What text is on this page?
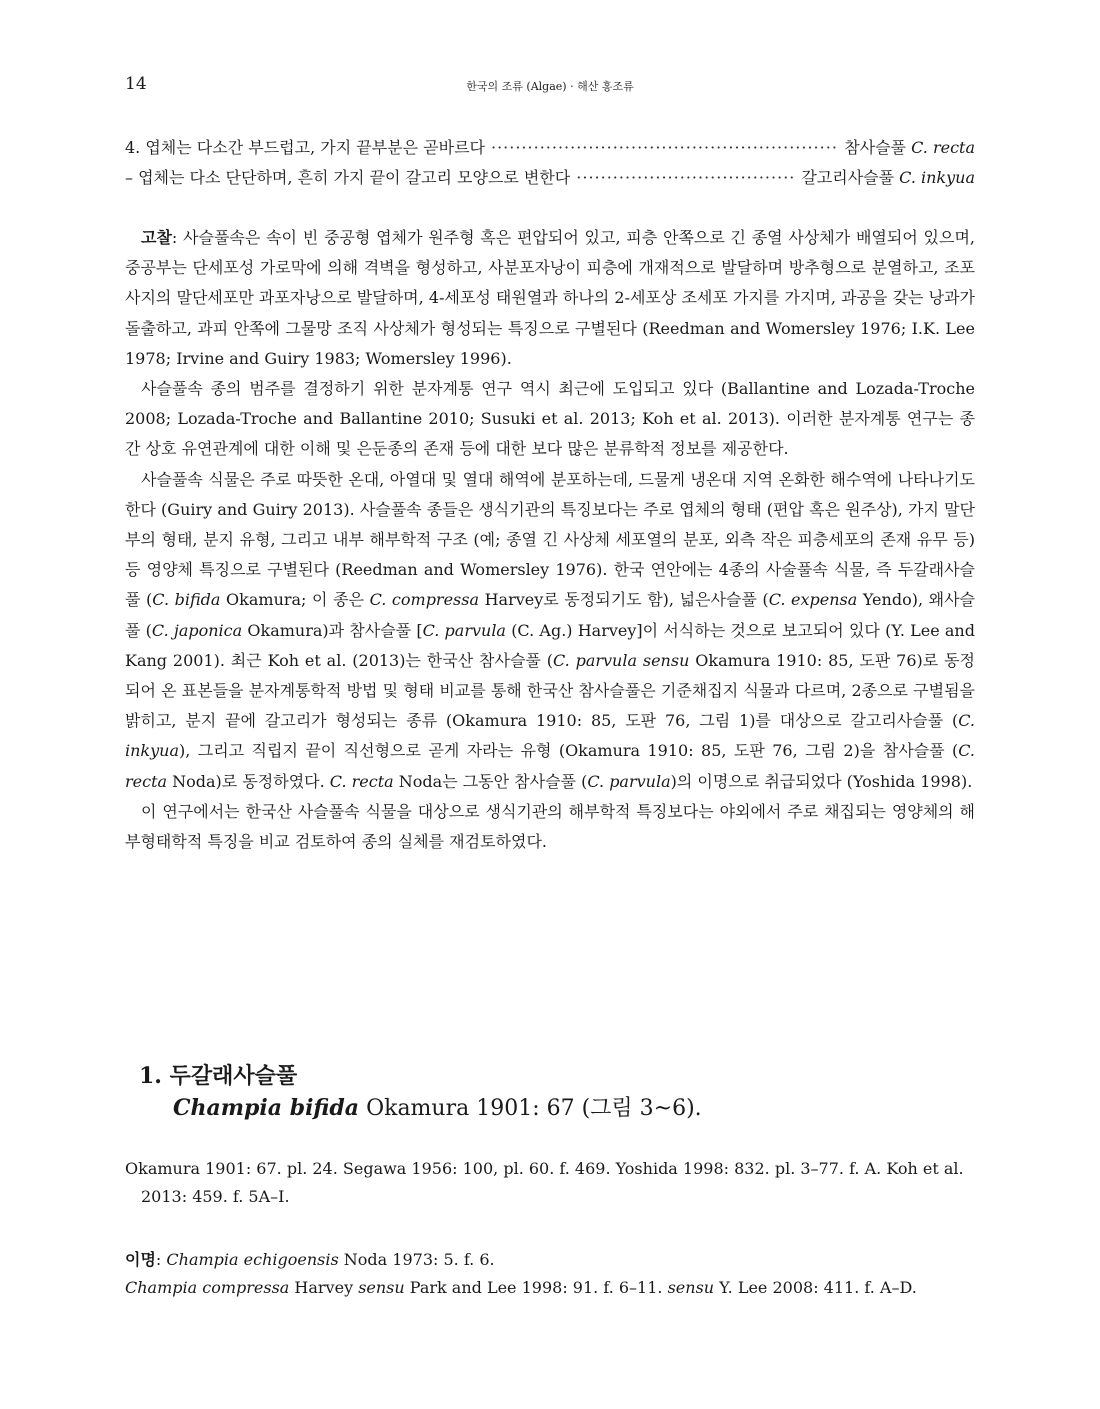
14	한국의 조류 (Algae) · 해산 홍조류
4. 엽체는 다소간 부드럽고, 가지 끝부분은 곧바르다 ·····	참사슬풀 C. recta
– 엽체는 다소 단단하며, 흔히 가지 끝이 갈고리 모양으로 변한다 ·····	갈고리사슬풀 C. inkyua

고찰: 사슬풀속은 속이 빈 중공형 엽체가 원주형 혹은 편압되어 있고, 피층 안쪽으로 긴 종열 사상체가 배열되어 있으며, 중공부는 단세포성 가로막에 의해 격벽을 형성하고, 사분포자낭이 피층에 개재적으로 발달하며 방추형으로 분열하고, 조포사지의 말단세포만 과포자낭으로 발달하며, 4-세포성 태원열과 하나의 2-세포상 조세포 가지를 가지며, 과공을 갖는 낭과가 돌출하고, 과피 안쪽에 그물망 조직 사상체가 형성되는 특징으로 구별된다 (Reedman and Womersley 1976; I.K. Lee 1978; Irvine and Guiry 1983; Womersley 1996).

사슬풀속 종의 범주를 결정하기 위한 분자계통 연구 역시 최근에 도입되고 있다 (Ballantine and Lozada-Troche 2008; Lozada-Troche and Ballantine 2010; Susuki et al. 2013; Koh et al. 2013). 이러한 분자계통 연구는 종 간 상호 유연관계에 대한 이해 및 은둔종의 존재 등에 대한 보다 많은 분류학적 정보를 제공한다.

사슬풀속 식물은 주로 따뜻한 온대, 아열대 및 열대 해역에 분포하는데, 드물게 냉온대 지역 온화한 해수역에 나타나기도 한다 (Guiry and Guiry 2013). 사슬풀속 종들은 생식기관의 특징보다는 주로 엽체의 형태 (편압 혹은 원주상), 가지 말단부의 형태, 분지 유형, 그리고 내부 해부학적 구조 (예; 종열 긴 사상체 세포열의 분포, 외측 작은 피층세포의 존재 유무 등) 등 영양체 특징으로 구별된다 (Reedman and Womersley 1976). 한국 연안에는 4종의 사술풀속 식물, 즉 두갈래사슬풀 (C. bifida Okamura; 이 종은 C. compressa Harvey로 동정되기도 함), 넓은사슬풀 (C. expensa Yendo), 왜사슬풀 (C. japonica Okamura)과 참사슬풀 [C. parvula (C. Ag.) Harvey]이 서식하는 것으로 보고되어 있다 (Y. Lee and Kang 2001). 최근 Koh et al. (2013)는 한국산 참사슬풀 (C. parvula sensu Okamura 1910: 85, 도판 76)로 동정되어 온 표본들을 분자계통학적 방법 및 형태 비교를 통해 한국산 참사슬풀은 기준채집지 식물과 다르며, 2종으로 구별됨을 밝히고, 분지 끝에 갈고리가 형성되는 종류 (Okamura 1910: 85, 도판 76, 그림 1)를 대상으로 갈고리사슬풀 (C. inkyua), 그리고 직립지 끝이 직선형으로 곧게 자라는 유형 (Okamura 1910: 85, 도판 76, 그림 2)을 참사슬풀 (C. recta Noda)로 동정하였다. C. recta Noda는 그동안 참사슬풀 (C. parvula)의 이명으로 취급되었다 (Yoshida 1998).

이 연구에서는 한국산 사슬풀속 식물을 대상으로 생식기관의 해부학적 특징보다는 야외에서 주로 채집되는 영양체의 해부형태학적 특징을 비교 검토하여 종의 실체를 재검토하였다.

1. 두갈래사슬풀
Champia bifida Okamura 1901: 67 (그림 3~6).
Okamura 1901: 67. pl. 24. Segawa 1956: 100, pl. 60. f. 469. Yoshida 1998: 832. pl. 3–77. f. A. Koh et al. 2013: 459. f. 5A–I.
이명: Champia echigoensis Noda 1973: 5. f. 6.
Champia compressa Harvey sensu Park and Lee 1998: 91. f. 6–11. sensu Y. Lee 2008: 411. f. A–D.
